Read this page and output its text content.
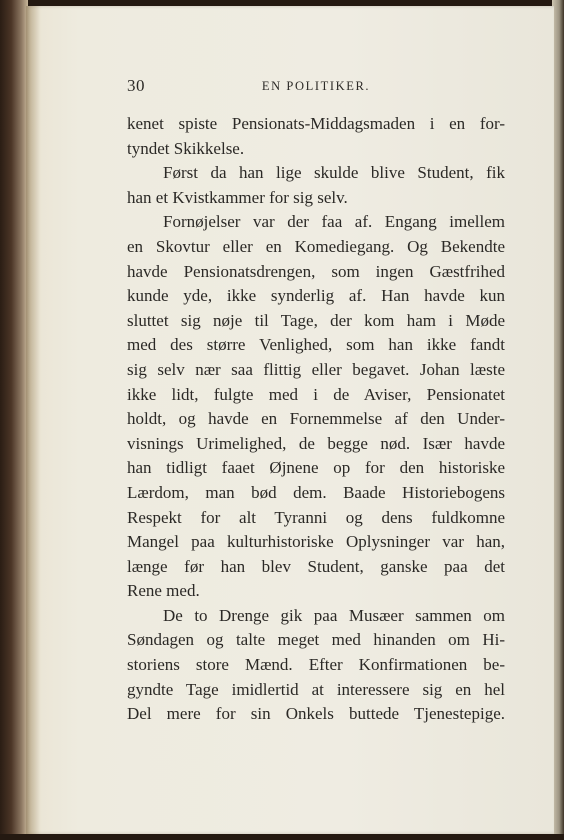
30	EN POLITIKER.
kenet spiste Pensionats-Middagsmaden i en for-
tyndet Skikkelse.
Først da han lige skulde blive Student, fik
han et Kvistkammer for sig selv.
Fornøjelser var der faa af. Engang imellem
en Skovtur eller en Komediegang. Og Bekendte
havde Pensionatsdrengen, som ingen Gæstfrihed
kunde yde, ikke synderlig af. Han havde kun
sluttet sig nøje til Tage, der kom ham i Møde
med des større Venlighed, som han ikke fandt
sig selv nær saa flittig eller begavet. Johan læste
ikke lidt, fulgte med i de Aviser, Pensionatet
holdt, og havde en Fornemmelse af den Under-
visnings Urimelighed, de begge nød. Især havde
han tidligt faaet Øjnene op for den historiske
Lærdom, man bød dem. Baade Historiebogens
Respekt for alt Tyranni og dens fuldkomne
Mangel paa kulturhistoriske Oplysninger var han,
længe før han blev Student, ganske paa det
Rene med.
De to Drenge gik paa Musæer sammen om
Søndagen og talte meget med hinanden om Hi-
storiens store Mænd. Efter Konfirmationen be-
gyndte Tage imidlertid at interessere sig en hel
Del mere for sin Onkels buttede Tjenestepige.
